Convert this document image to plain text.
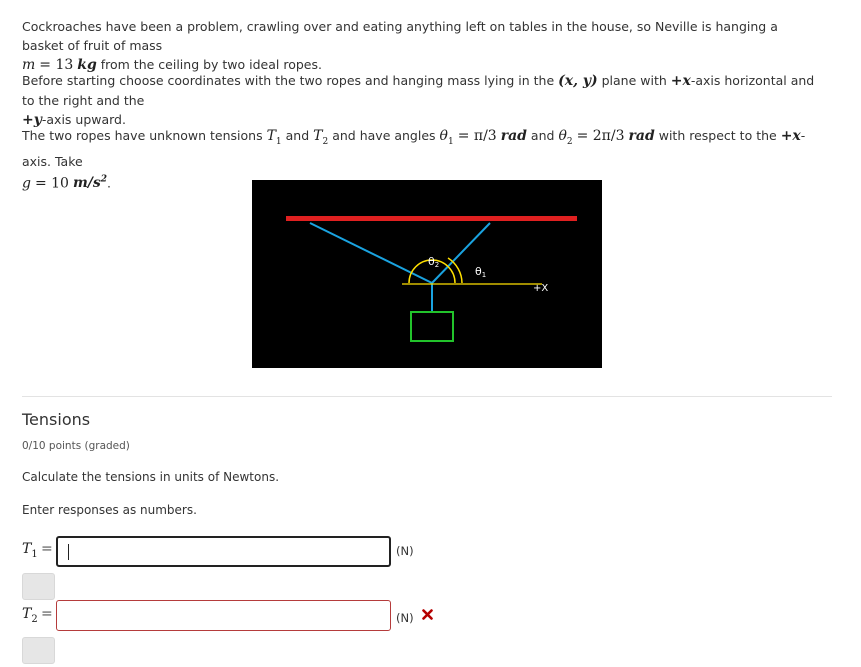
Cockroaches have been a problem, crawling over and eating anything left on tables in the house, so Neville is hanging a basket of fruit of mass
m = 13 kg from the ceiling by two ideal ropes.

Before starting choose coordinates with the two ropes and hanging mass lying in the (x, y) plane with +x-axis horizontal and to the right and the
+y-axis upward.

The two ropes have unknown tensions $T_1$ and $T_2$ and have angles $\theta_1 = \pi/3$ rad and $\theta_2 = 2\pi/3$ rad with respect to the +x-axis. Take
g = 10 $m/s^2$.

θ2	θ1
+X

Tensions

0/10 points (graded)

Calculate the tensions in units of Newtons.

Enter responses as numbers.

$T_1$ =	(N)
$T_2$ =	(N)
